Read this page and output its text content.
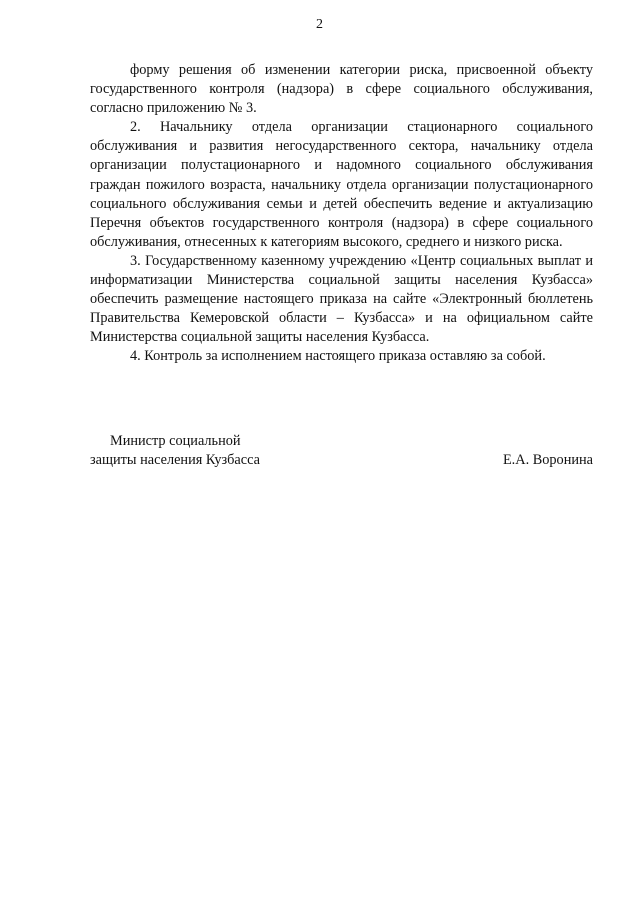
2

форму решения об изменении категории риска, присвоенной объекту государственного контроля (надзора) в сфере социального обслуживания, согласно приложению № 3.

2. Начальнику отдела организации стационарного социального обслуживания и развития негосударственного сектора, начальнику отдела организации полустационарного и надомного социального обслуживания граждан пожилого возраста, начальнику отдела организации полустационарного социального обслуживания семьи и детей обеспечить ведение и актуализацию Перечня объектов государственного контроля (надзора) в сфере социального обслуживания, отнесенных к категориям высокого, среднего и низкого риска.

3. Государственному казенному учреждению «Центр социальных выплат и информатизации Министерства социальной защиты населения Кузбасса» обеспечить размещение настоящего приказа на сайте «Электронный бюллетень Правительства Кемеровской области – Кузбасса» и на официальном сайте Министерства социальной защиты населения Кузбасса.

4. Контроль за исполнением настоящего приказа оставляю за собой.

Министр социальной
защиты населения Кузбасса	Е.А. Воронина
